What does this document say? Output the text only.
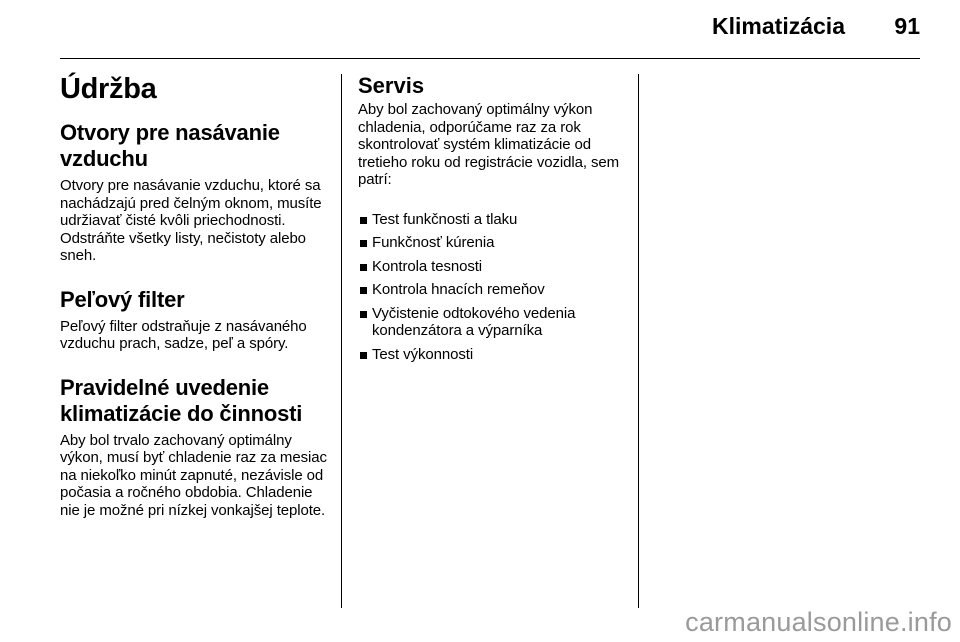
Klimatizácia 91
Údržba
Otvory pre nasávanie vzduchu

Otvory pre nasávanie vzduchu, ktoré sa nachádzajú pred čelným oknom, musíte udržiavať čisté kvôli priechodnosti. Odstráňte všetky listy, nečistoty alebo sneh.

Peľový filter

Peľový filter odstraňuje z nasávaného vzduchu prach, sadze, peľ a spóry.

Pravidelné uvedenie klimatizácie do činnosti

Aby bol trvalo zachovaný optimálny výkon, musí byť chladenie raz za mesiac na niekoľko minút zapnuté, nezávisle od počasia a ročného obdobia. Chladenie nie je možné pri nízkej vonkajšej teplote.

Servis

Aby bol zachovaný optimálny výkon chladenia, odporúčame raz za rok skontrolovať systém klimatizácie od tretieho roku od registrácie vozidla, sem patrí:

Test funkčnosti a tlaku
Funkčnosť kúrenia
Kontrola tesnosti
Kontrola hnacích remeňov
Vyčistenie odtokového vedenia kondenzátora a výparníka
Test výkonnosti
carmanualsonline.info
